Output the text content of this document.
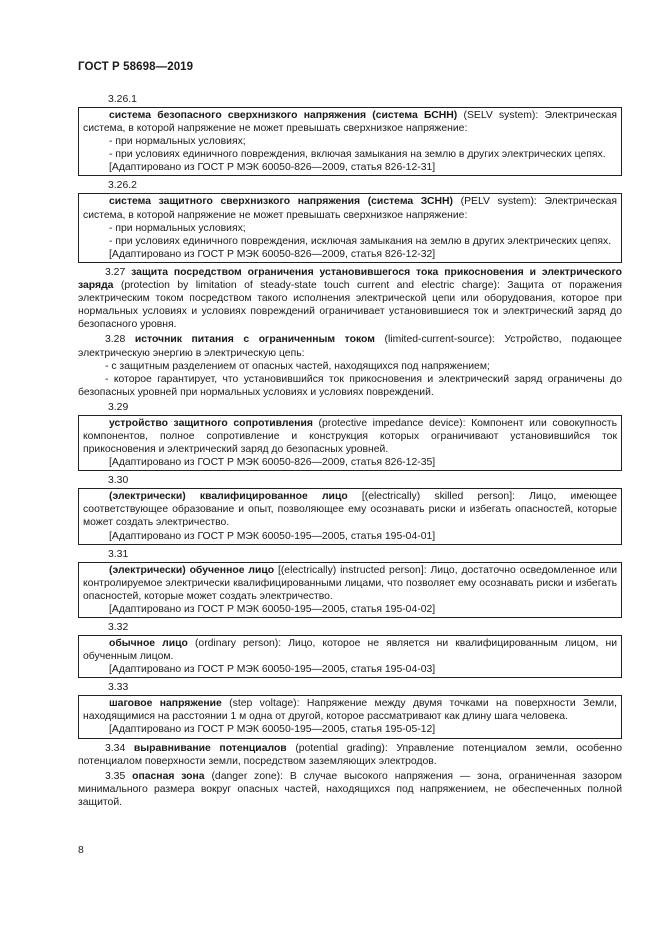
ГОСТ Р 58698—2019
3.26.1

система безопасного сверхнизкого напряжения (система БСНН) (SELV system): Электрическая система, в которой напряжение не может превышать сверхнизкое напряжение:

- при нормальных условиях;

- при условиях единичного повреждения, включая замыкания на землю в других электрических цепях.

[Адаптировано из ГОСТ Р МЭК 60050-826—2009, статья 826-12-31]

3.26.2

система защитного сверхнизкого напряжения (система ЗСНН) (PELV system): Электрическая система, в которой напряжение не может превышать сверхнизкое напряжение:

- при нормальных условиях;

- при условиях единичного повреждения, исключая замыкания на землю в других электрических цепях.

[Адаптировано из ГОСТ Р МЭК 60050-826—2009, статья 826-12-32]

3.27 защита посредством ограничения установившегося тока прикосновения и электрического заряда (protection by limitation of steady-state touch current and electric charge): Защита от поражения электрическим током посредством такого исполнения электрической цепи или оборудования, которое при нормальных условиях и условиях повреждений ограничивает установившиеся ток и электрический заряд до безопасного уровня.

3.28 источник питания с ограниченным током (limited-current-source): Устройство, подающее электрическую энергию в электрическую цепь:

- с защитным разделением от опасных частей, находящихся под напряжением;

- которое гарантирует, что установившийся ток прикосновения и электрический заряд ограничены до безопасных уровней при нормальных условиях и условиях повреждений.

3.29

устройство защитного сопротивления (protective impedance device): Компонент или совокупность компонентов, полное сопротивление и конструкция которых ограничивают установившийся ток прикосновения и электрический заряд до безопасных уровней.

[Адаптировано из ГОСТ Р МЭК 60050-826—2009, статья 826-12-35]

3.30

(электрически) квалифицированное лицо [(electrically) skilled person]: Лицо, имеющее соответствующее образование и опыт, позволяющее ему осознавать риски и избегать опасностей, которые может создать электричество.

[Адаптировано из ГОСТ Р МЭК 60050-195—2005, статья 195-04-01]

3.31

(электрически) обученное лицо [(electrically) instructed person]: Лицо, достаточно осведомленное или контролируемое электрически квалифицированными лицами, что позволяет ему осознавать риски и избегать опасностей, которые может создать электричество.

[Адаптировано из ГОСТ Р МЭК 60050-195—2005, статья 195-04-02]

3.32

обычное лицо (ordinary person): Лицо, которое не является ни квалифицированным лицом, ни обученным лицом.

[Адаптировано из ГОСТ Р МЭК 60050-195—2005, статья 195-04-03]

3.33

шаговое напряжение (step voltage): Напряжение между двумя точками на поверхности Земли, находящимися на расстоянии 1 м одна от другой, которое рассматривают как длину шага человека.

[Адаптировано из ГОСТ Р МЭК 60050-195—2005, статья 195-05-12]

3.34 выравнивание потенциалов (potential grading): Управление потенциалом земли, особенно потенциалом поверхности земли, посредством заземляющих электродов.

3.35 опасная зона (danger zone): В случае высокого напряжения — зона, ограниченная зазором минимального размера вокруг опасных частей, находящихся под напряжением, не обеспеченных полной защитой.

8
